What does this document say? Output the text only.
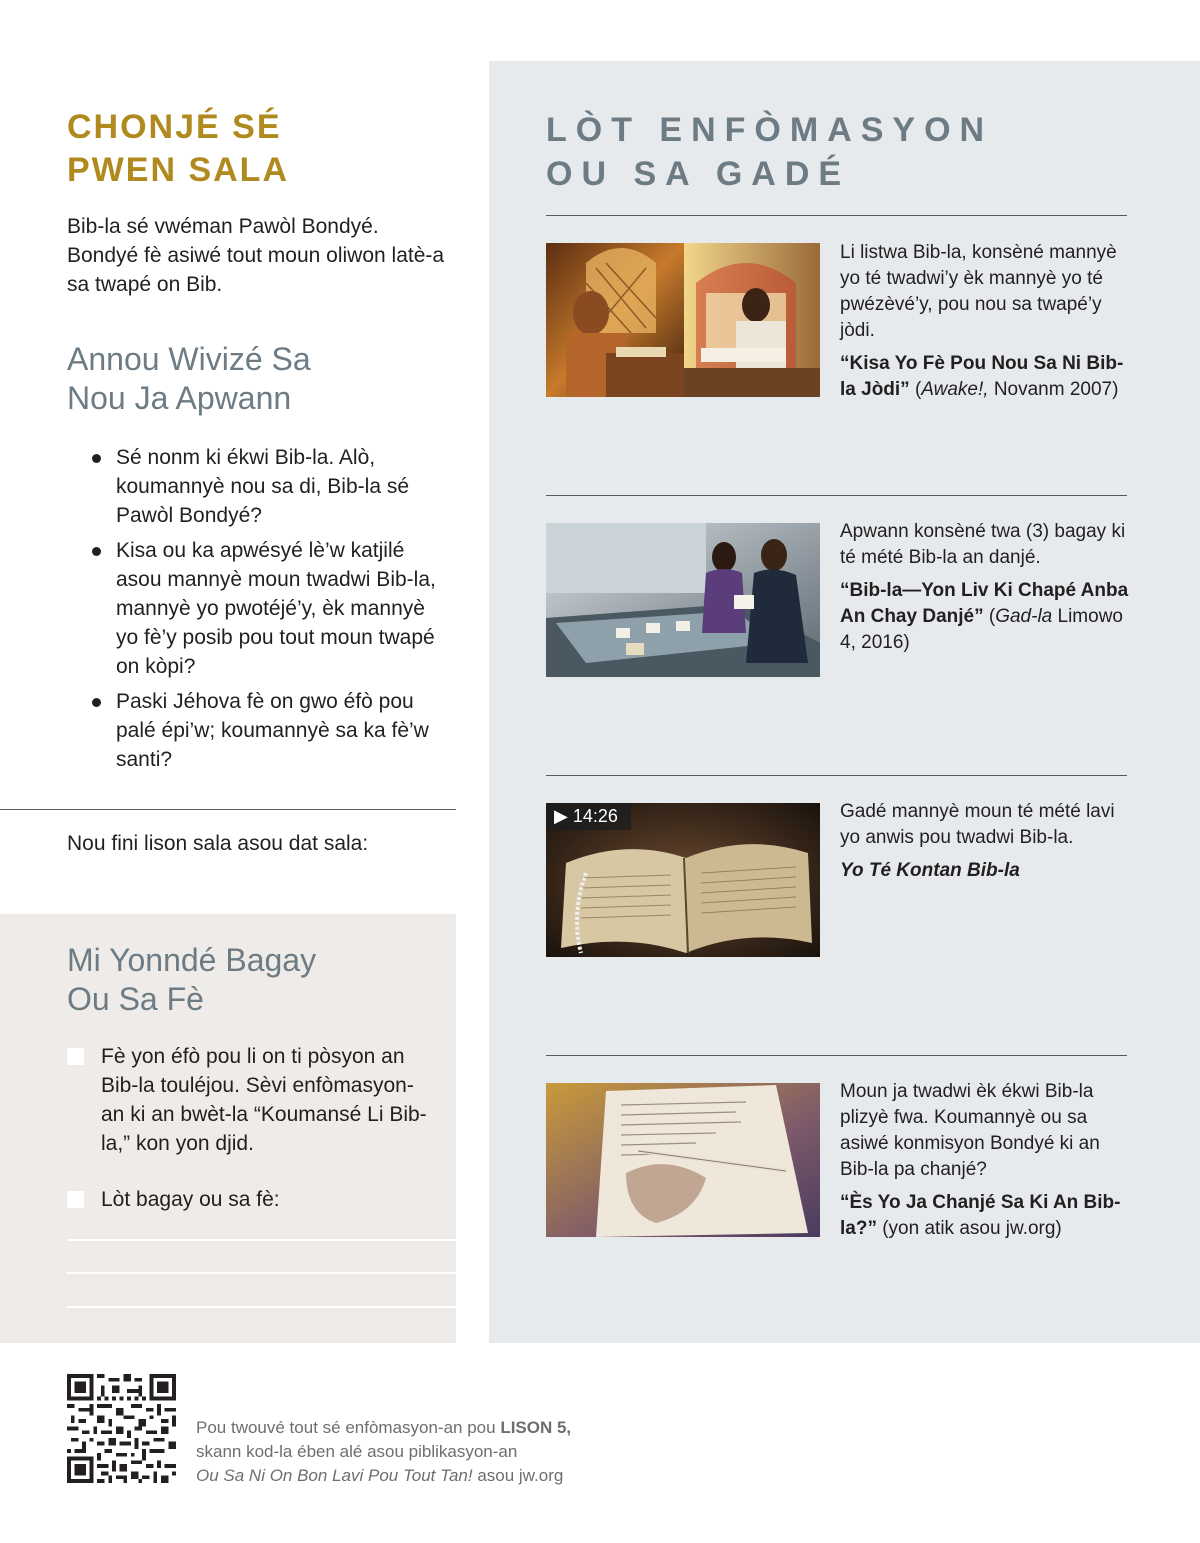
LÒT ENFÒMASYON
OU SA GADÉ
Li listwa Bib-la, konsèné mannyè yo té twadwi’y èk mannyè yo té pwézèvé’y, pou nou sa twapé’y jòdi.
“Kisa Yo Fè Pou Nou Sa Ni Bib-la Jòdi” (Awake!, Novanm 2007)
Apwann konsèné twa (3) bagay ki té mété Bib-la an danjé.
“Bib-la—Yon Liv Ki Chapé Anba An Chay Danjé” (Gad-la Limowo 4, 2016)
▶ 14:26	Gadé mannyè moun té mété lavi yo anwis pou twadwi Bib-la.
Yo Té Kontan Bib-la
Moun ja twadwi èk ékwi Bib-la plizyè fwa. Koumannyè ou sa asiwé konmisyon Bondyé ki an Bib-la pa chanjé?
“Ès Yo Ja Chanjé Sa Ki An Bib-la?” (yon atik asou jw.org)
CHONJÉ SÉ
PWEN SALA
Bib-la sé vwéman Pawòl Bondyé. Bondyé fè asiwé tout moun oliwon latè-a sa twapé on Bib.
Annou Wivizé Sa
Nou Ja Apwann
Sé nonm ki ékwi Bib-la. Alò, koumannyè nou sa di, Bib-la sé Pawòl Bondyé?
Kisa ou ka apwésyé lè’w katjilé asou mannyè moun twadwi Bib-la, mannyè yo pwotéjé’y, èk mannyè yo fè’y posib pou tout moun twapé on kòpi?
Paski Jéhova fè on gwo éfò pou palé épi’w; koumannyè sa ka fè’w santi?
Nou fini lison sala asou dat sala:
Mi Yonndé Bagay
Ou Sa Fè
Fè yon éfò pou li on ti pòsyon an Bib-la touléjou. Sèvi enfòmasyon-an ki an bwèt-la “Koumansé Li Bib-la,” kon yon djid.
Lòt bagay ou sa fè:
Pou twouvé tout sé enfòmasyon-an pou LISON 5,
skann kod-la ében alé asou piblikasyon-an
Ou Sa Ni On Bon Lavi Pou Tout Tan! asou jw.org
